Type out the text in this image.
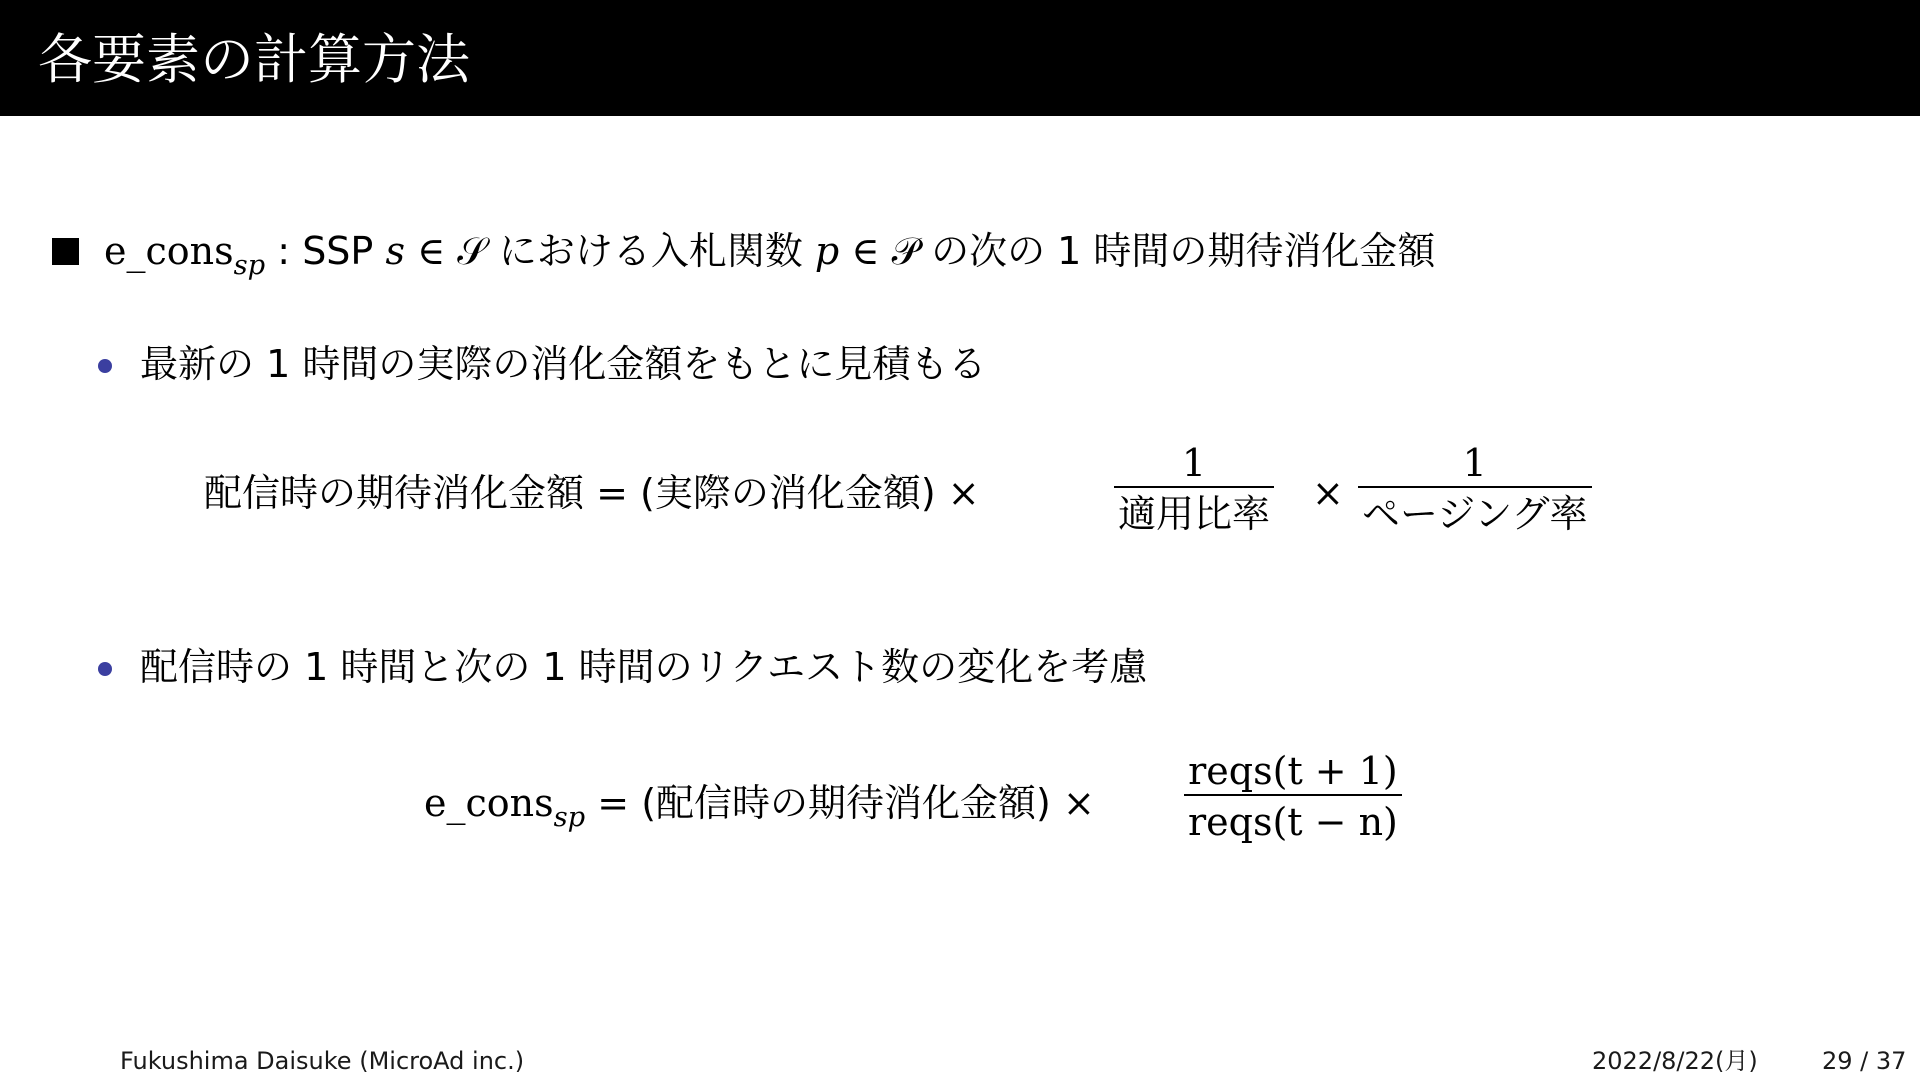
各要素の計算方法
e_cons$_{sp}$ : SSP s ∈ 𝒮 における入札関数 p ∈ 𝒫 の次の 1 時間の期待消化金額
最新の 1 時間の実際の消化金額をもとに見積もる
配信時の期待消化金額 = (実際の消化金額) ×
1
適用比率 ×
1
ページング率
配信時の 1 時間と次の 1 時間のリクエスト数の変化を考慮
e_cons$_{sp}$ = (配信時の期待消化金額) ×
reqs(t + 1)
reqs(t − n)
Fukushima Daisuke (MicroAd inc.)	2022/8/22(月)	29 / 37
